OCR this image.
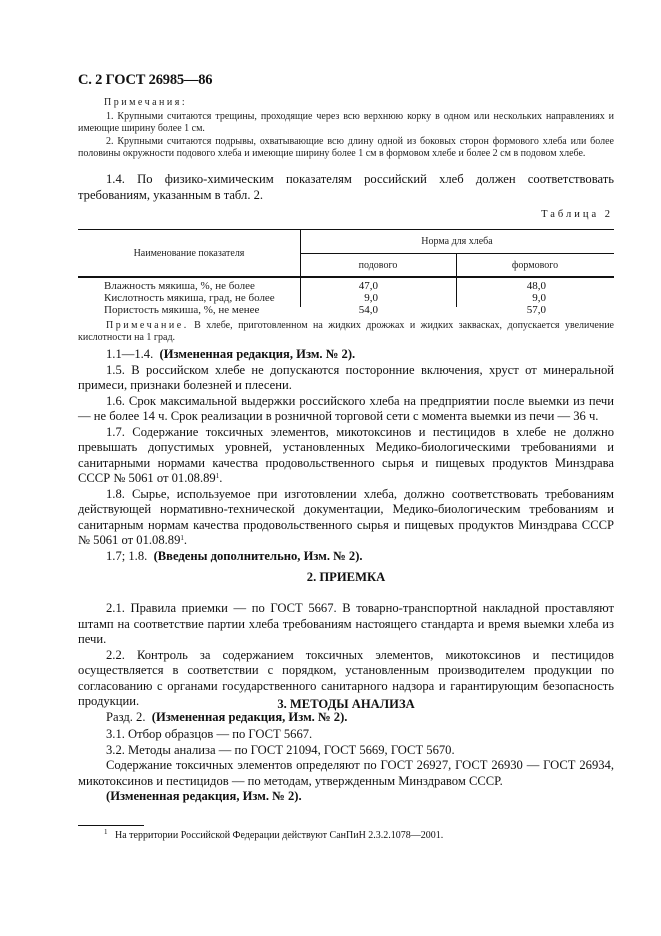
С. 2 ГОСТ 26985—86
Примечания:

1. Крупными считаются трещины, проходящие через всю верхнюю корку в одном или нескольких направлениях и имеющие ширину более 1 см.

2. Крупными считаются подрывы, охватывающие всю длину одной из боковых сторон формового хлеба или более половины окружности подового хлеба и имеющие ширину более 1 см в формовом хлебе и более 2 см в подовом хлебе.

1.4. По физико-химическим показателям российский хлеб должен соответствовать требованиям, указанным в табл. 2.

Таблица 2
Наименование показателя
Норма для хлеба
подового	формового
Влажность мякиша, %, не более	47,0	48,0
Кислотность мякиша, град, не более	9,0	9,0
Пористость мякиша, %, не менее	54,0	57,0

Примечание. В хлебе, приготовленном на жидких дрожжах и жидких заквасках, допускается увеличение кислотности на 1 град.

1.1—1.4. (Измененная редакция, Изм. № 2).

1.5. В российском хлебе не допускаются посторонние включения, хруст от минеральной примеси, признаки болезней и плесени.

1.6. Срок максимальной выдержки российского хлеба на предприятии после выемки из печи — не более 14 ч. Срок реализации в розничной торговой сети с момента выемки из печи — 36 ч.

1.7. Содержание токсичных элементов, микотоксинов и пестицидов в хлебе не должно превышать допустимых уровней, установленных Медико-биологическими требованиями и санитарными нормами качества продовольственного сырья и пищевых продуктов Минздрава СССР № 5061 от 01.08.89$^1$.

1.8. Сырье, используемое при изготовлении хлеба, должно соответствовать требованиям действующей нормативно-технической документации, Медико-биологическим требованиям и санитарным нормам качества продовольственного сырья и пищевых продуктов Минздрава СССР № 5061 от 01.08.89$^1$.

1.7; 1.8. (Введены дополнительно, Изм. № 2).

2. ПРИЕМКА

2.1. Правила приемки — по ГОСТ 5667. В товарно-транспортной накладной проставляют штамп на соответствие партии хлеба требованиям настоящего стандарта и время выемки хлеба из печи.

2.2. Контроль за содержанием токсичных элементов, микотоксинов и пестицидов осуществляется в соответствии с порядком, установленным производителем продукции по согласованию с органами государственного санитарного надзора и гарантирующим безопасность продукции.

Разд. 2. (Измененная редакция, Изм. № 2).

3. МЕТОДЫ АНАЛИЗА

3.1. Отбор образцов — по ГОСТ 5667.

3.2. Методы анализа — по ГОСТ 21094, ГОСТ 5669, ГОСТ 5670.

Содержание токсичных элементов определяют по ГОСТ 26927, ГОСТ 26930 — ГОСТ 26934, микотоксинов и пестицидов — по методам, утвержденным Минздравом СССР.

(Измененная редакция, Изм. № 2).

$^1$ На территории Российской Федерации действуют СанПиН 2.3.2.1078—2001.
